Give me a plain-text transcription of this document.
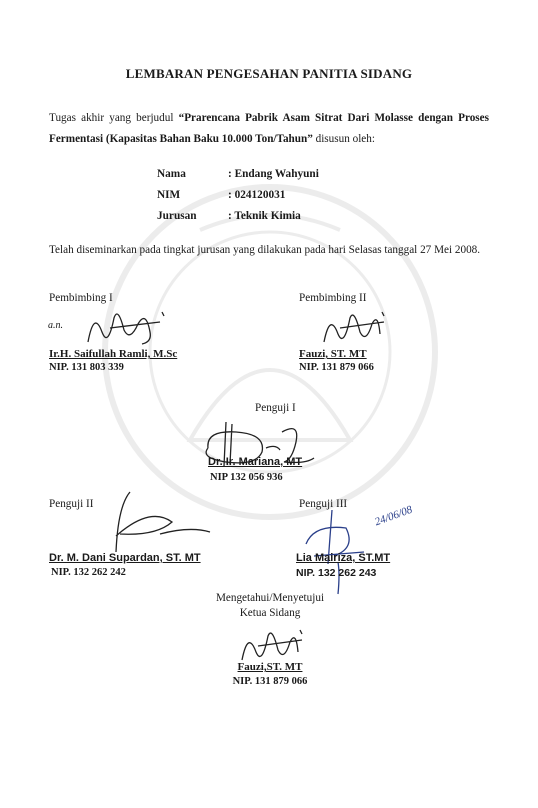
LEMBARAN PENGESAHAN PANITIA SIDANG
Tugas akhir yang berjudul “Prarencana Pabrik Asam Sitrat Dari Molasse dengan Proses Fermentasi (Kapasitas Bahan Baku 10.000 Ton/Tahun” disusun oleh:
Nama	: Endang Wahyuni
NIM	: 024120031
Jurusan	: Teknik Kimia
Telah diseminarkan pada tingkat jurusan yang dilakukan pada hari Selasas tanggal 27 Mei 2008.
Pembimbing I
a.n.
Ir.H. Saifullah Ramli, M.Sc
NIP. 131 803 339
Pembimbing II
Fauzi, ST. MT
NIP. 131 879 066
Penguji I
Dr. Ir. Mariana, MT
NIP 132 056 936
Penguji II
Dr. M. Dani Supardan, ST. MT
NIP. 132 262 242
Penguji III 24/06/08
Lia Mairiza, ST.MT
NIP. 132 262 243
Mengetahui/Menyetujui
Ketua Sidang
Fauzi,ST. MT
NIP. 131 879 066
